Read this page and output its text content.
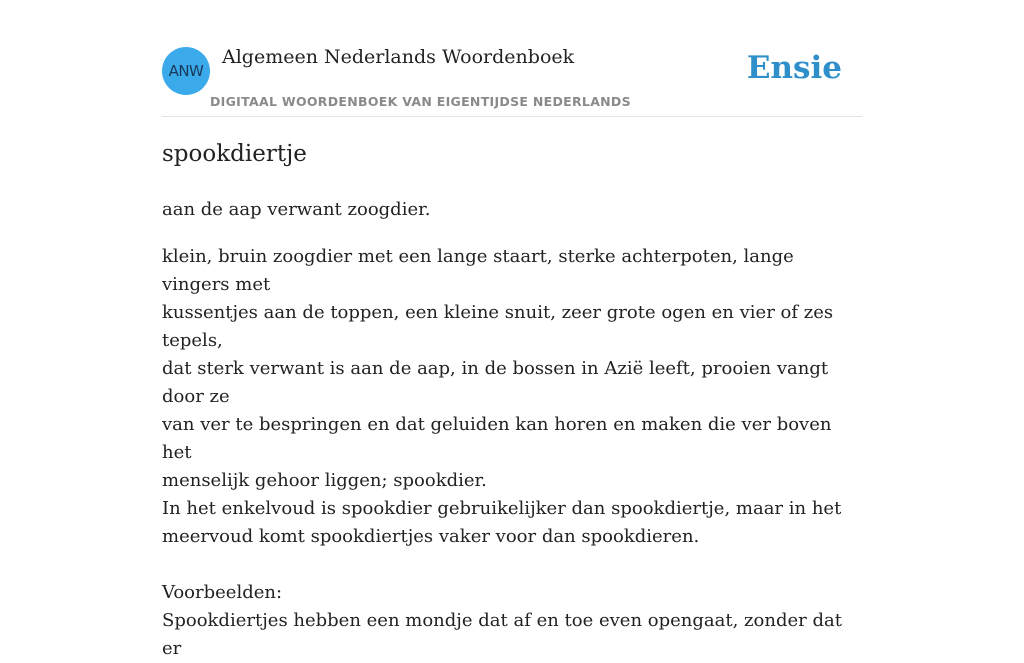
ANW
Algemeen Nederlands Woordenboek
DIGITAAL WOORDENBOEK VAN EIGENTIJDSE NEDERLANDS
Ensie
spookdiertje

aan de aap verwant zoogdier.

klein, bruin zoogdier met een lange staart, sterke achterpoten, lange vingers met
kussentjes aan de toppen, een kleine snuit, zeer grote ogen en vier of zes tepels,
dat sterk verwant is aan de aap, in de bossen in Azië leeft, prooien vangt door ze
van ver te bespringen en dat geluiden kan horen en maken die ver boven het
menselijk gehoor liggen; spookdier.
In het enkelvoud is spookdier gebruikelijker dan spookdiertje, maar in het
meervoud komt spookdiertjes vaker voor dan spookdieren.
Voorbeelden:
Spookdiertjes hebben een mondje dat af en toe even opengaat, zonder dat er
